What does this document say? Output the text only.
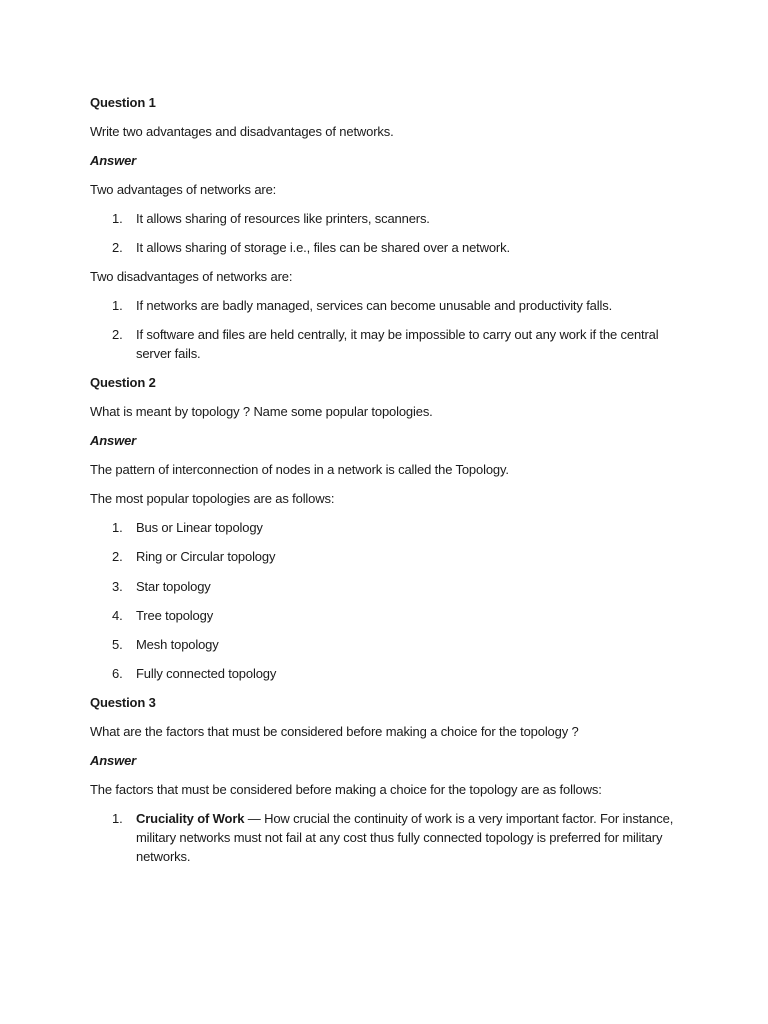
Question 1
Write two advantages and disadvantages of networks.
Answer
Two advantages of networks are:
1. It allows sharing of resources like printers, scanners.
2. It allows sharing of storage i.e., files can be shared over a network.
Two disadvantages of networks are:
1. If networks are badly managed, services can become unusable and productivity falls.
2. If software and files are held centrally, it may be impossible to carry out any work if the central
server fails.
Question 2
What is meant by topology ? Name some popular topologies.
Answer
The pattern of interconnection of nodes in a network is called the Topology.
The most popular topologies are as follows:
1. Bus or Linear topology
2. Ring or Circular topology
3. Star topology
4. Tree topology
5. Mesh topology
6. Fully connected topology
Question 3
What are the factors that must be considered before making a choice for the topology ?
Answer
The factors that must be considered before making a choice for the topology are as follows:
1. Cruciality of Work — How crucial the continuity of work is a very important factor. For instance,
military networks must not fail at any cost thus fully connected topology is preferred for military
networks.
